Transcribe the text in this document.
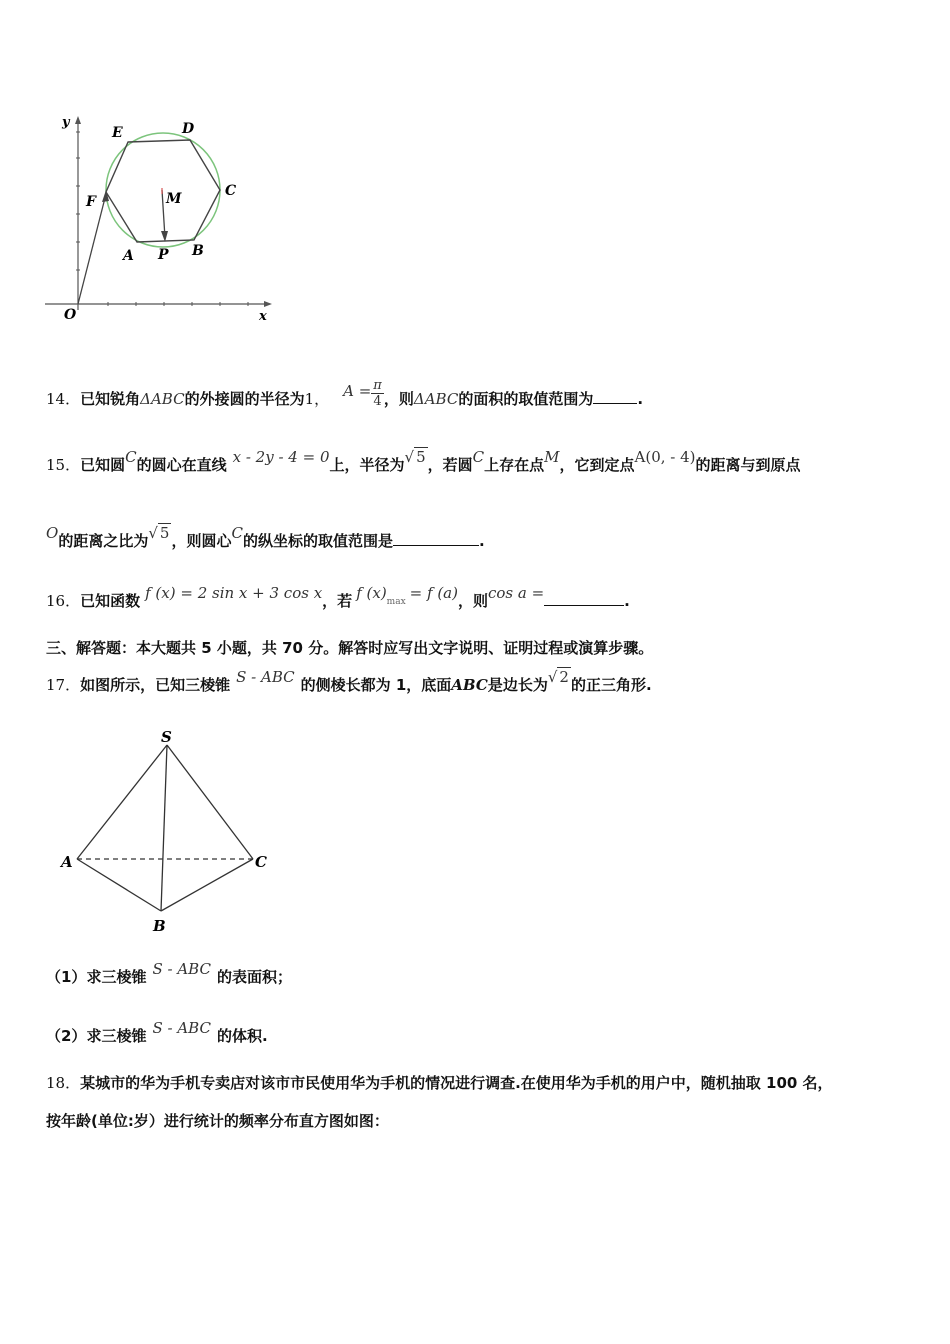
y
x
O
E	D
C
F	M
A P B
14．已知锐角ΔABC的外接圆的半径为1， $A = \frac{\pi}{4}$ ，则ΔABC的面积的取值范围为	.
15．已知圆C的圆心在直线 x - 2y - 4 = 0上，半径为√ 5 ，若圆C上存在点M，它到定点A(0, - 4)的距离与到原点
O的距离之比为√ 5 ，则圆心C的纵坐标的取值范围是	.
16．已知函数 f (x) = 2 sin x + 3 cos x，若 f (x)max = f (a)，则cos a =	.
三、解答题：本大题共 5 小题，共 70 分。解答时应写出文字说明、证明过程或演算步骤。
17．如图所示，已知三棱锥 S - ABC 的侧棱长都为 1，底面ABC是边长为√ 2 的正三角形.
S
A	C
B
（1）求三棱锥 S - ABC 的表面积；
（2）求三棱锥 S - ABC 的体积.
18．某城市的华为手机专卖店对该市市民使用华为手机的情况进行调查.在使用华为手机的用户中，随机抽取 100 名，
按年龄(单位:岁）进行统计的频率分布直方图如图：
